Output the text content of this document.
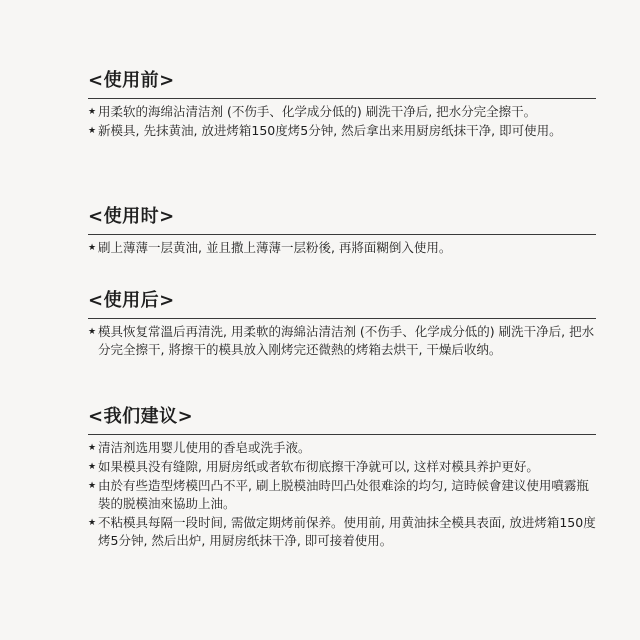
<使用前>

★ 用柔软的海绵沾清洁剂 (不伤手、化学成分低的) 刷洗干净后, 把水分完全擦干。

★ 新模具, 先抹黄油, 放进烤箱150度烤5分钟, 然后拿出来用厨房纸抹干净, 即可使用。

<使用时>

★ 刷上薄薄一层黄油, 並且撒上薄薄一层粉後, 再將面糊倒入使用。

<使用后>

★ 模具恢复常溫后再清洗, 用柔軟的海綿沾清洁剂 (不伤手、化学成分低的) 刷洗干净后, 把水分完全擦干, 將擦干的模具放入刚烤完还微熱的烤箱去烘干, 干燥后收纳。

<我们建议>

★ 清洁剂选用婴儿使用的香皂或洗手液。

★ 如果模具没有缝隙, 用厨房纸或者软布彻底擦干净就可以, 这样对模具养护更好。

★ 由於有些造型烤模凹凸不平, 刷上脱模油時凹凸处很难涂的均匀, 這時候會建议使用噴霧瓶裝的脱模油來協助上油。

★ 不粘模具每隔一段时间, 需做定期烤前保养。使用前, 用黄油抹全模具表面, 放进烤箱150度烤5分钟, 然后出炉, 用厨房纸抹干净, 即可接着使用。
